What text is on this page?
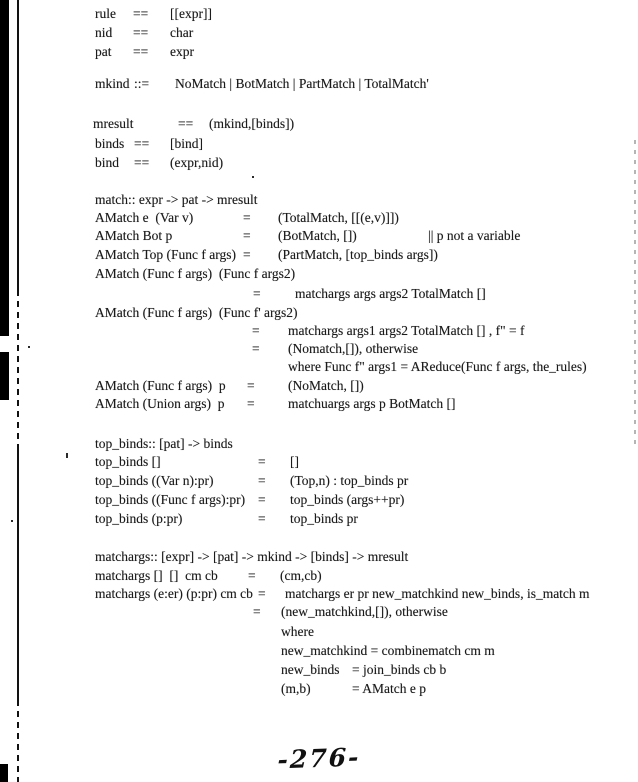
rule == [[expr]]
nid == char
pat == expr
mkind ::= NoMatch | BotMatch | PartMatch | TotalMatch'
mresult	== (mkind,[binds])
binds == [bind]
bind == (expr,nid)
match:: expr -> pat -> mresult
AMatch e  (Var v)	= (TotalMatch, [[(e,v)]])
AMatch Bot p	= (BotMatch, [])	|| p not a variable
AMatch Top (Func f args) = (PartMatch, [top_binds args])
AMatch (Func f args)  (Func f args2)
=	matchargs args args2 TotalMatch []
AMatch (Func f args)  (Func f' args2)
= matchargs args1 args2 TotalMatch [] , f" = f
= (Nomatch,[]), otherwise
where Func f" args1 = AReduce(Func f args, the_rules)
AMatch (Func f args)  p = (NoMatch, [])
AMatch (Union args)  p = matchuargs args p BotMatch []
top_binds:: [pat] -> binds
top_binds []	= []
top_binds ((Var n):pr)	= (Top,n) : top_binds pr
top_binds ((Func f args):pr) = top_binds (args++pr)
top_binds (p:pr)	= top_binds pr
matchargs:: [expr] -> [pat] -> mkind -> [binds] -> mresult
matchargs []  []  cm cb = (cm,cb)
matchargs (e:er) (p:pr) cm cb = matchargs er pr new_matchkind new_binds, is_match m
= (new_matchkind,[]), otherwise
where
new_matchkind = combinematch cm m
new_binds = join_binds cb b
(m,b)	= AMatch e p
-276-
